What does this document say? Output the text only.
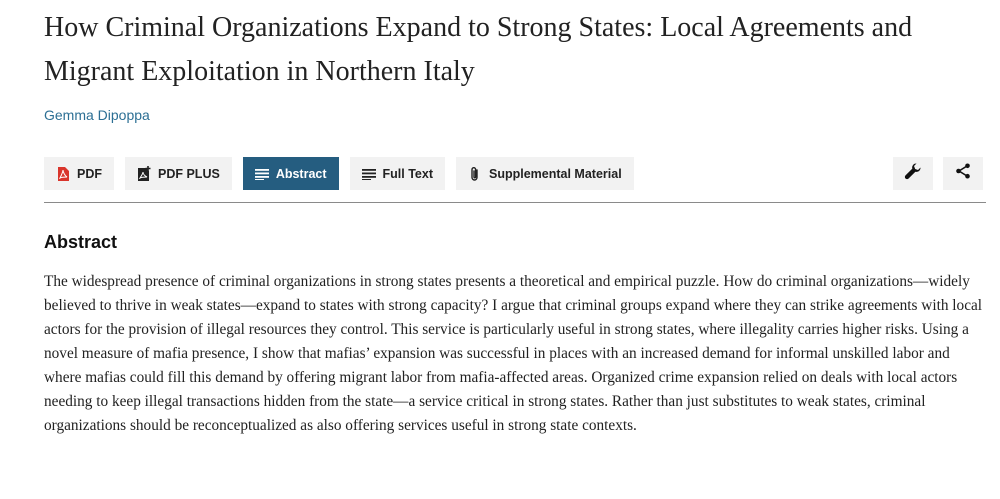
How Criminal Organizations Expand to Strong States: Local Agreements and Migrant Exploitation in Northern Italy
Gemma Dipoppa
PDF	PDF PLUS	Abstract	Full Text	Supplemental Material
Abstract

The widespread presence of criminal organizations in strong states presents a theoretical and empirical puzzle. How do criminal organizations—widely believed to thrive in weak states—expand to states with strong capacity? I argue that criminal groups expand where they can strike agreements with local actors for the provision of illegal resources they control. This service is particularly useful in strong states, where illegality carries higher risks. Using a novel measure of mafia presence, I show that mafias’ expansion was successful in places with an increased demand for informal unskilled labor and where mafias could fill this demand by offering migrant labor from mafia-affected areas. Organized crime expansion relied on deals with local actors needing to keep illegal transactions hidden from the state—a service critical in strong states. Rather than just substitutes to weak states, criminal organizations should be reconceptualized as also offering services useful in strong state contexts.
